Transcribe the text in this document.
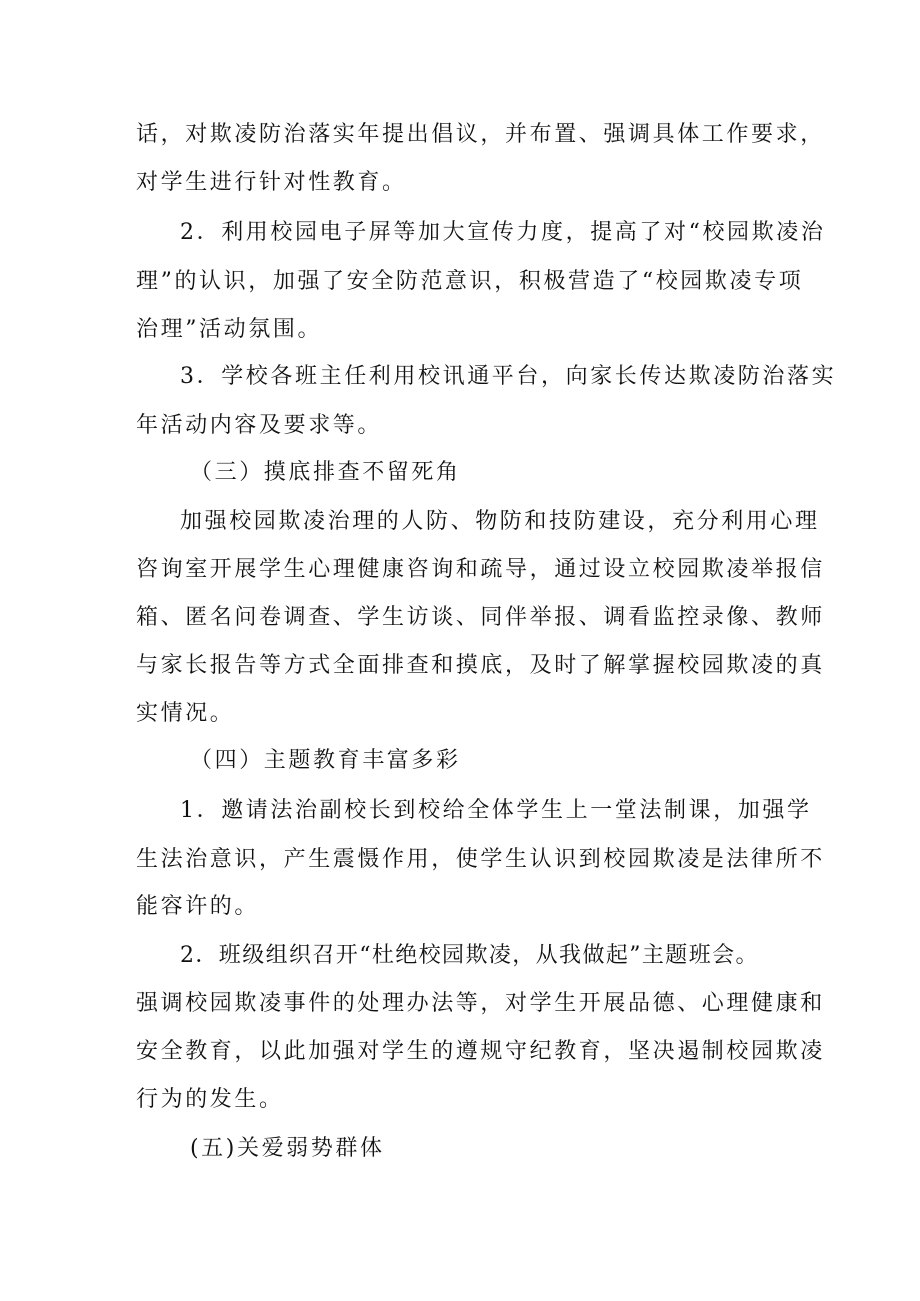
话，对欺凌防治落实年提出倡议，并布置、强调具体工作要求，
对学生进行针对性教育。
2．利用校园电子屏等加大宣传力度，提高了对“校园欺凌治
理”的认识，加强了安全防范意识，积极营造了“校园欺凌专项
治理”活动氛围。
3．学校各班主任利用校讯通平台，向家长传达欺凌防治落实
年活动内容及要求等。
（三）摸底排查不留死角
加强校园欺凌治理的人防、物防和技防建设，充分利用心理
咨询室开展学生心理健康咨询和疏导，通过设立校园欺凌举报信
箱、匿名问卷调查、学生访谈、同伴举报、调看监控录像、教师
与家长报告等方式全面排查和摸底，及时了解掌握校园欺凌的真
实情况。
（四）主题教育丰富多彩
1．邀请法治副校长到校给全体学生上一堂法制课，加强学
生法治意识，产生震慑作用，使学生认识到校园欺凌是法律所不
能容许的。
2．班级组织召开“杜绝校园欺凌，从我做起”主题班会。
强调校园欺凌事件的处理办法等，对学生开展品德、心理健康和
安全教育，以此加强对学生的遵规守纪教育，坚决遏制校园欺凌
行为的发生。
(五)关爱弱势群体
